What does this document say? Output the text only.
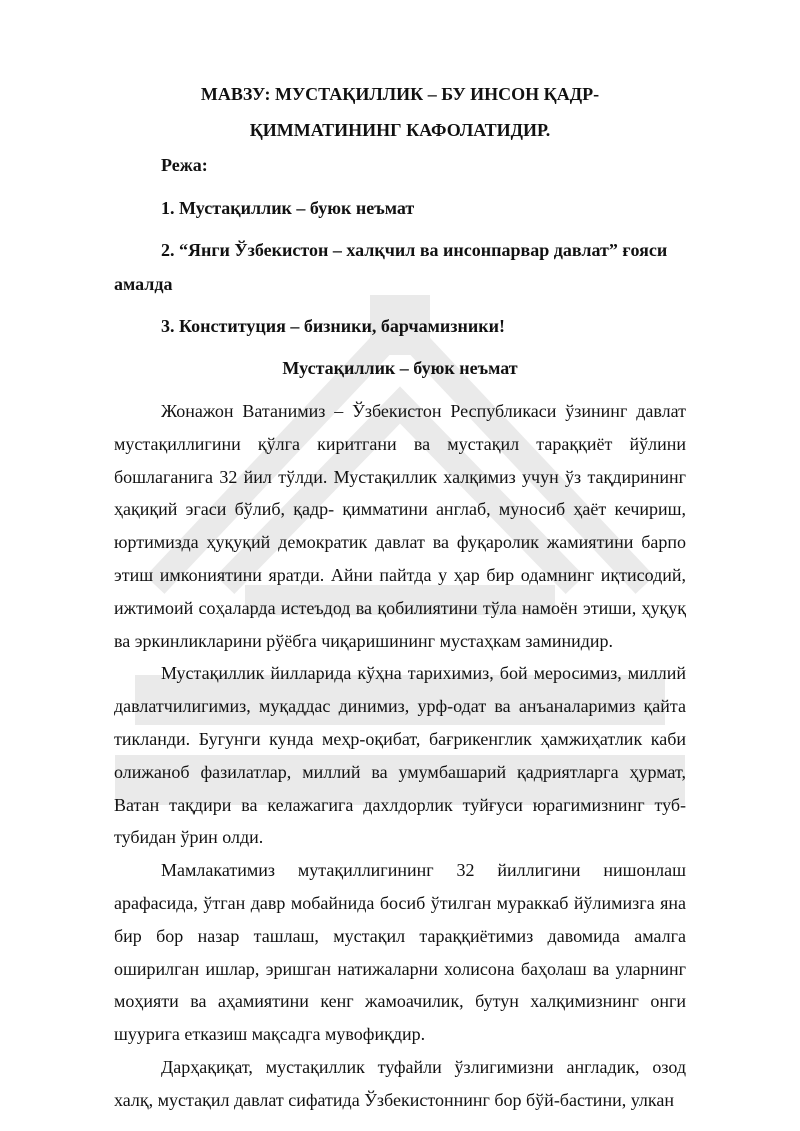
МАВЗУ: МУСТАҚИЛЛИК – БУ ИНСОН ҚАДР-
ҚИММАТИНИНГ КАФОЛАТИДИР.

Режа:

1. Мустақиллик – буюк неъмат

2. “Янги Ўзбекистон – халқчил ва инсонпарвар давлат” ғояси амалда

3. Конституция – бизники, барчамизники!

Мустақиллик – буюк неъмат

Жонажон Ватанимиз – Ўзбекистон Республикаси ўзининг давлат мустақиллигини қўлга киритгани ва мустақил тараққиёт йўлини бошлаганига 32 йил тўлди. Мустақиллик халқимиз учун ўз тақдирининг ҳақиқий эгаси бўлиб, қадр- қимматини англаб, муносиб ҳаёт кечириш, юртимизда ҳуқуқий демократик давлат ва фуқаролик жамиятини барпо этиш имкониятини яратди. Айни пайтда у ҳар бир одамнинг иқтисодий, ижтимоий соҳаларда истеъдод ва қобилиятини тўла намоён этиши, ҳуқуқ ва эркинликларини рўёбга чиқаришининг мустаҳкам заминидир.

Мустақиллик йилларида кўҳна тарихимиз, бой меросимиз, миллий давлатчилигимиз, муқаддас динимиз, урф-одат ва анъаналаримиз қайта тикланди. Бугунги кунда меҳр-оқибат, бағрикенглик ҳамжиҳатлик каби олижаноб фазилатлар, миллий ва умумбашарий қадриятларга ҳурмат, Ватан тақдири ва келажагига дахлдорлик туйғуси юрагимизнинг туб-тубидан ўрин олди.

Мамлакатимиз мутақиллигининг 32 йиллигини нишонлаш арафасида, ўтган давр мобайнида босиб ўтилган мураккаб йўлимизга яна бир бор назар ташлаш, мустақил тараққиётимиз давомида амалга оширилган ишлар, эришган натижаларни холисона баҳолаш ва уларнинг моҳияти ва аҳамиятини кенг жамоачилик, бутун халқимизнинг онги шуурига етказиш мақсадга мувофиқдир.

Дарҳақиқат, мустақиллик туфайли ўзлигимизни англадик, озод халқ, мустақил давлат сифатида Ўзбекистоннинг бор бўй-бастини, улкан
